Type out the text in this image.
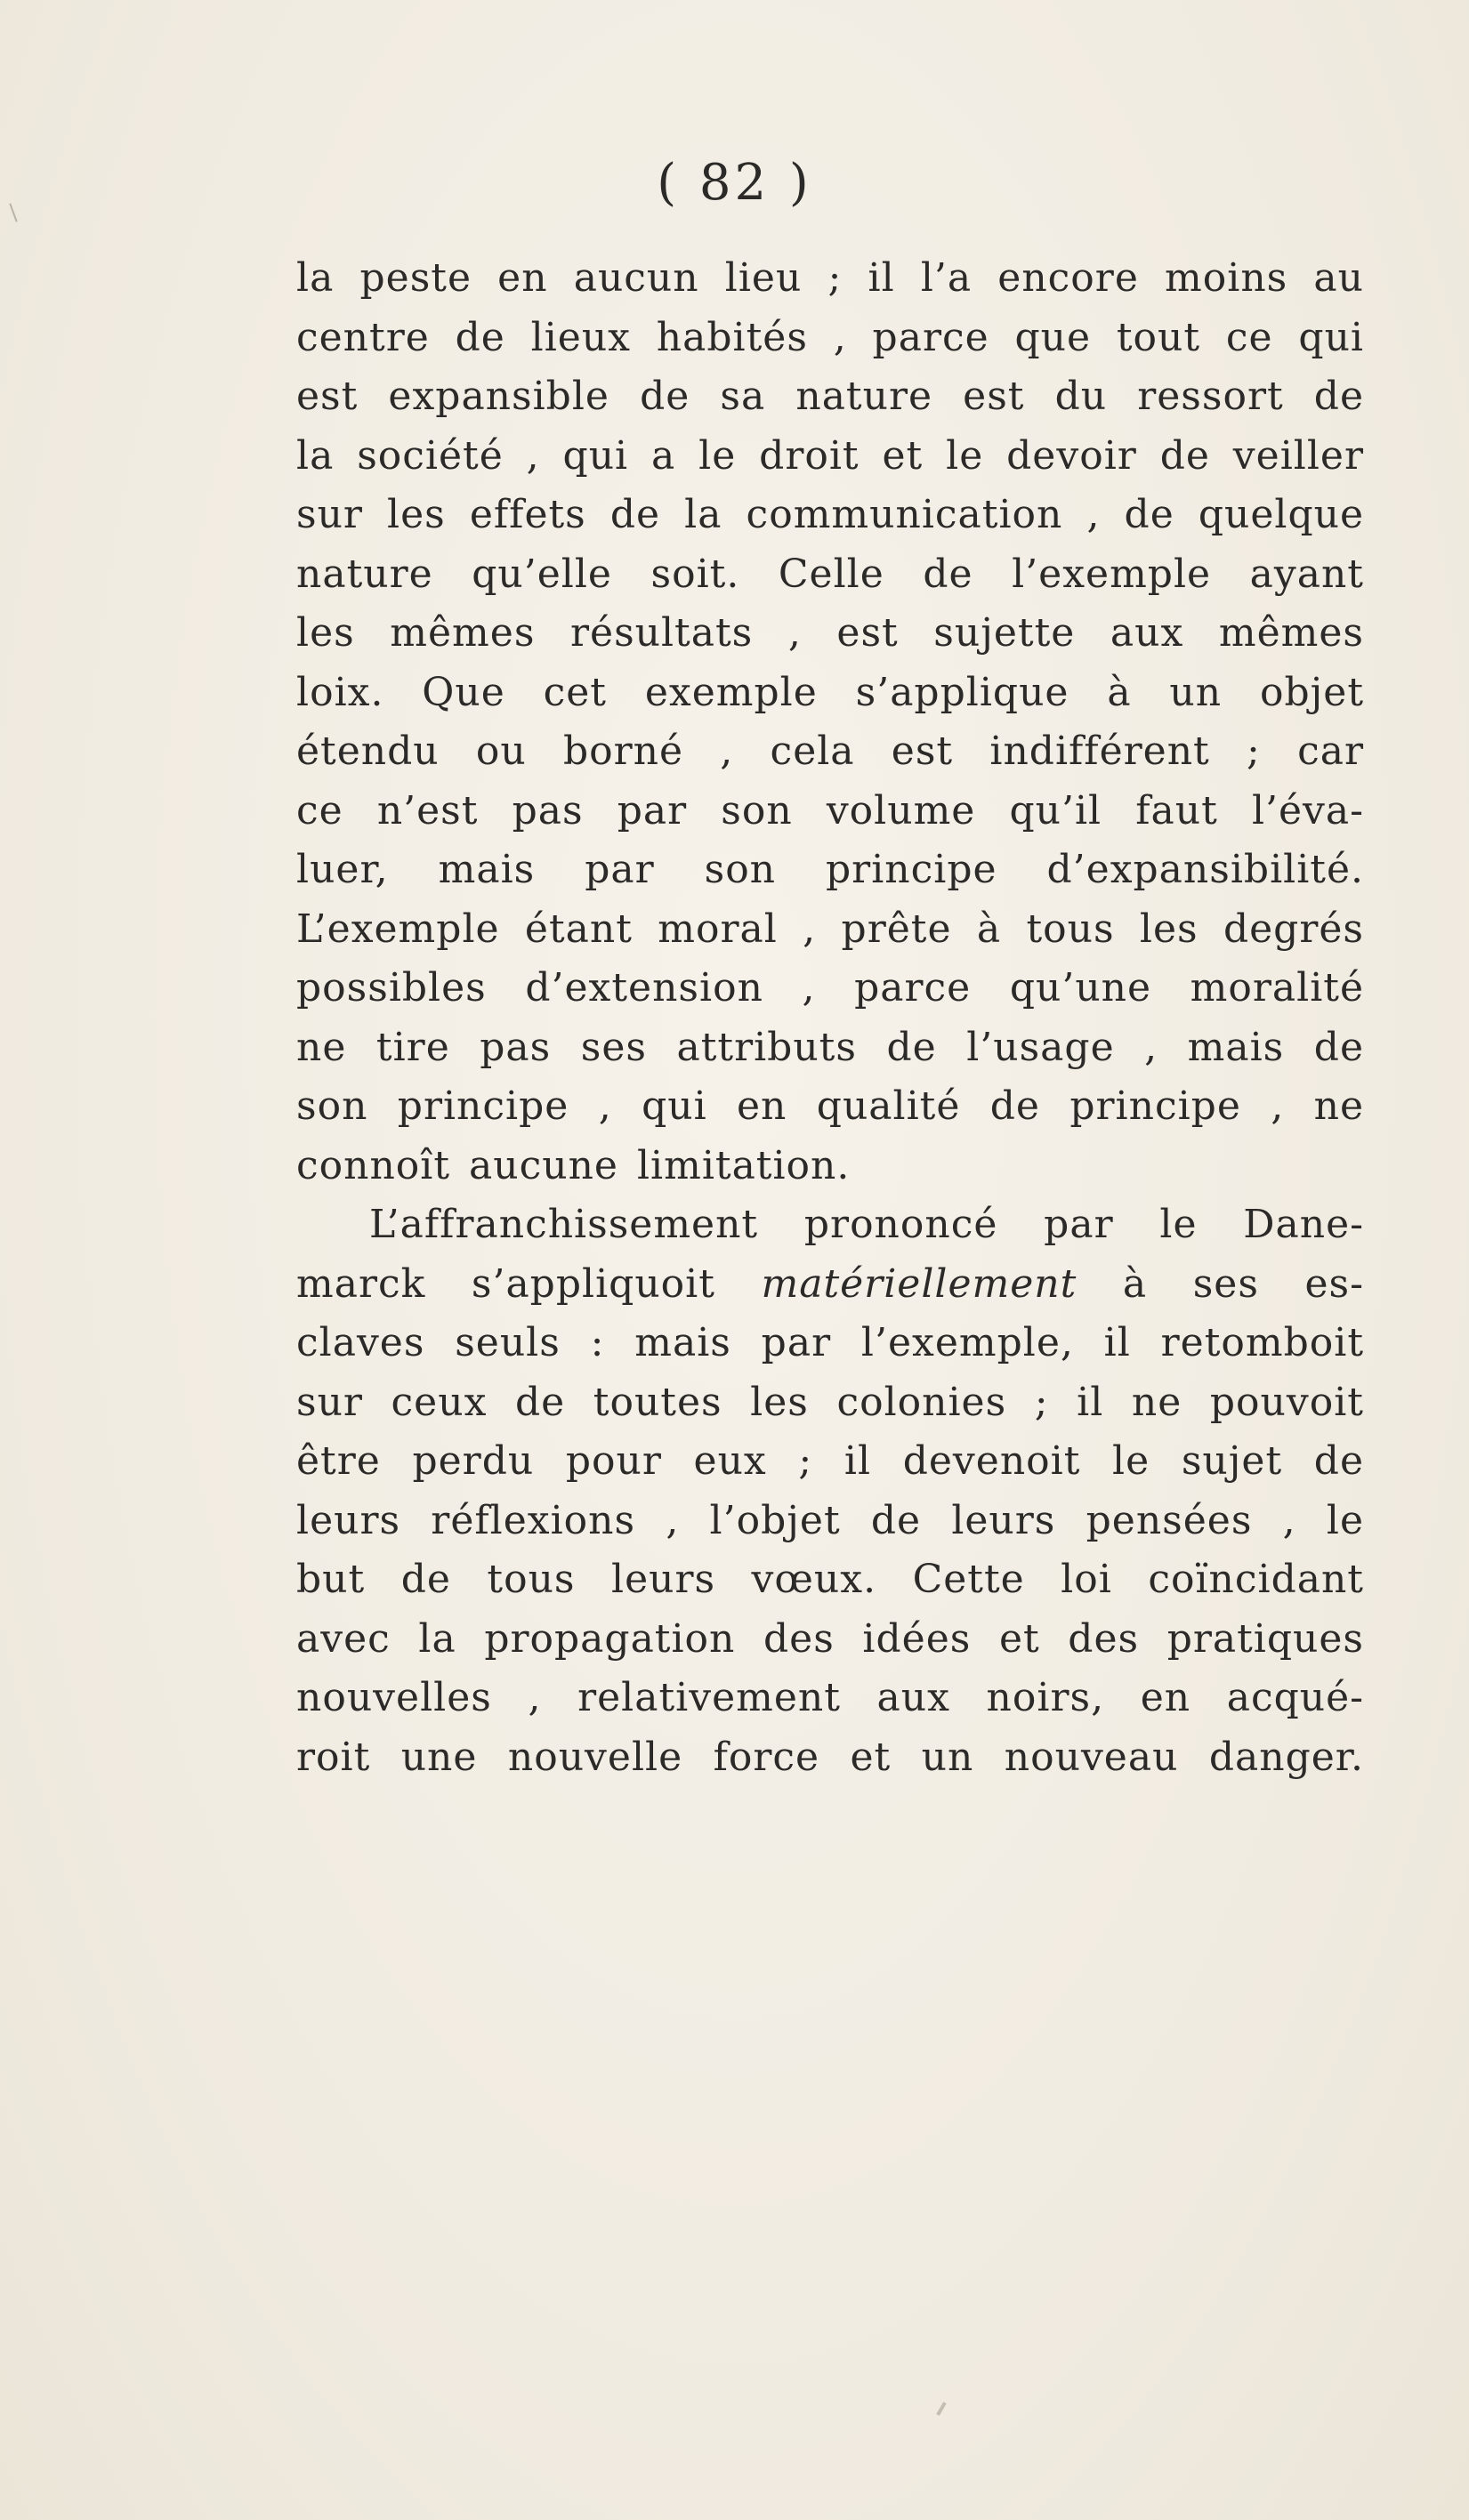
( 82 )
la peste en aucun lieu ; il l’a encore moins au
centre de lieux habités , parce que tout ce qui
est expansible de sa nature est du ressort de
la société , qui a le droit et le devoir de veiller
sur les effets de la communication , de quelque
nature qu’elle soit. Celle de l’exemple ayant
les mêmes résultats , est sujette aux mêmes
loix. Que cet exemple s’applique à un objet
étendu ou borné , cela est indifférent ; car
ce n’est pas par son volume qu’il faut l’éva-
luer, mais par son principe d’expansibilité.
L’exemple étant moral , prête à tous les degrés
possibles d’extension , parce qu’une moralité
ne tire pas ses attributs de l’usage , mais de
son principe , qui en qualité de principe , ne
connoît aucune limitation.
L’affranchissement prononcé par le Dane-
marck s’appliquoit matériellement à ses es-
claves seuls : mais par l’exemple, il retomboit
sur ceux de toutes les colonies ; il ne pouvoit
être perdu pour eux ; il devenoit le sujet de
leurs réflexions , l’objet de leurs pensées , le
but de tous leurs vœux. Cette loi coïncidant
avec la propagation des idées et des pratiques
nouvelles , relativement aux noirs, en acqué-
roit une nouvelle force et un nouveau danger.
